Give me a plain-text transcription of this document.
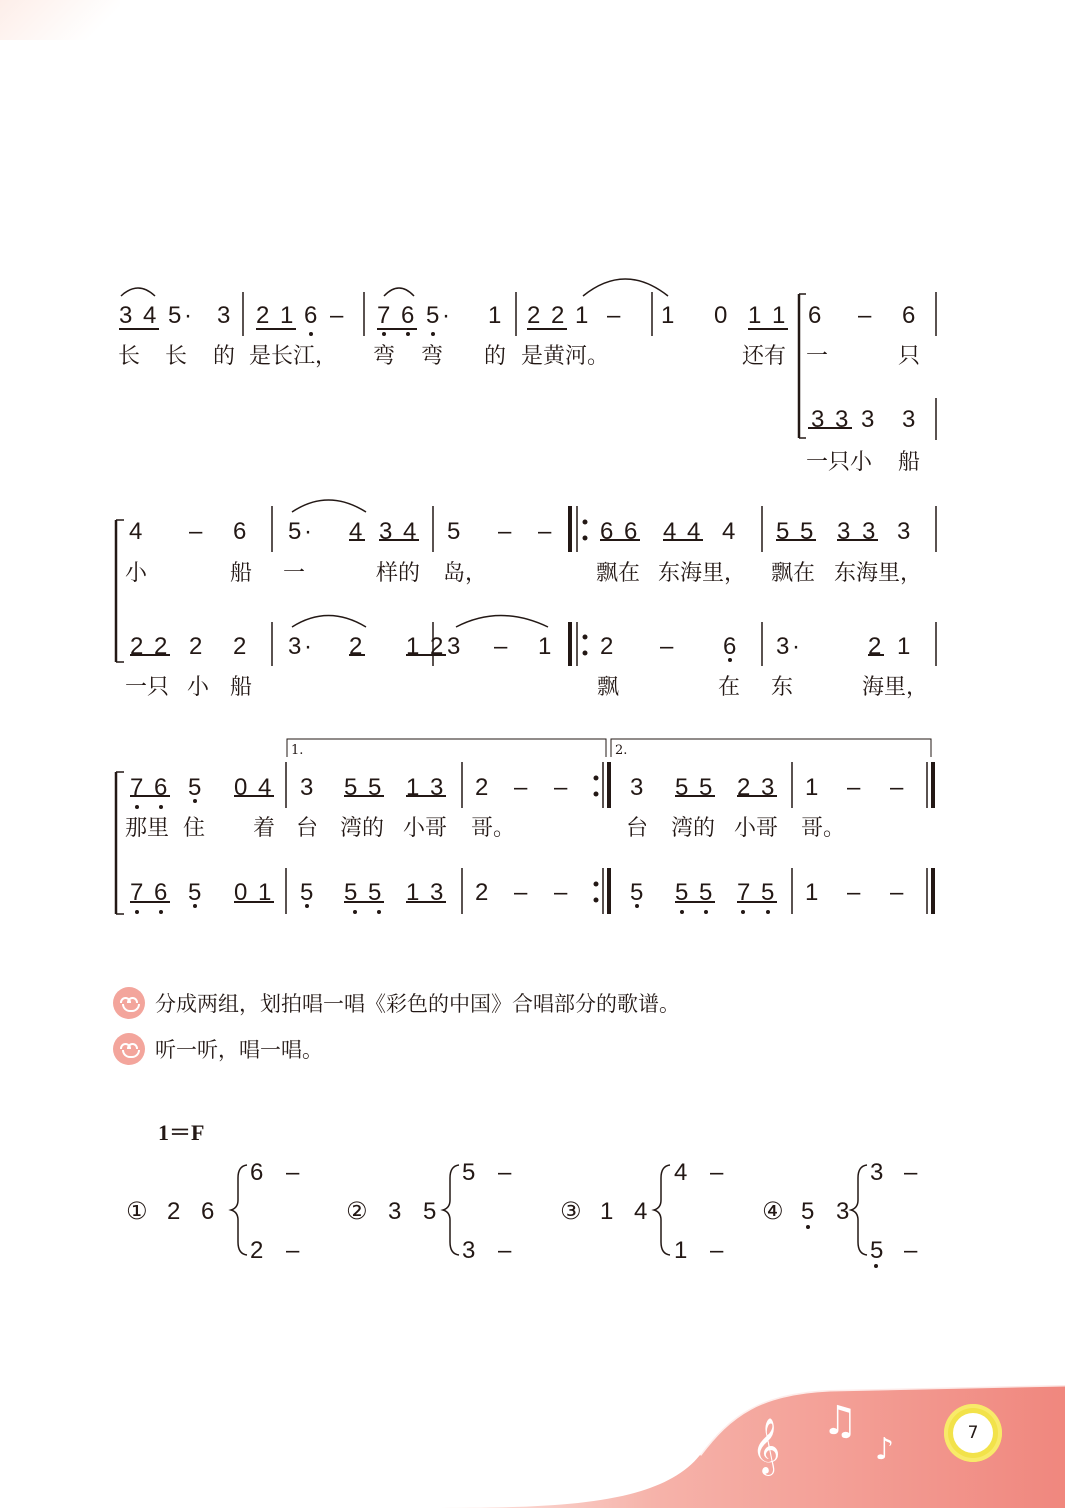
3 4 5 · 3 2 1 6 – 7 6 5 · 1 2 2 1 – 1 0 1 1 6 – 6
3 3 3 3
长 长 的 是长江， 弯 弯 的 是黄河。	还有 一	只
一只小 船
4 – 6 5 · 4 3 4 5 – – 6 6 4 4 4 5 5 3 3 3
2 2 2 2 3 · 2 1 2 3 – 1 2 – 6 3 ·	2 1
小	船 一	样的 岛，	飘在 东海里， 飘在 东海里，
一只 小 船	飘	在 东	海里，
1.	2.
7 6 5 0 4 3 5 5 1 3 2 – –	3 5 5 2 3 1 – –
7 6 5 0 1 5 5 5 1 3 2 – –	5 5 5 7 5 1 – –
那里 住 着 台 湾的 小哥 哥。	台 湾的 小哥 哥。
1＝F
① 2 6
6 –
2 –
② 3 5
5 –
3 –
③ 1 4
4 –
1 –
④ 5 3
3 –
5 –
分成两组，划拍唱一唱《彩色的中国》合唱部分的歌谱。
听一听，唱一唱。
𝄞 ♫
♪	7
